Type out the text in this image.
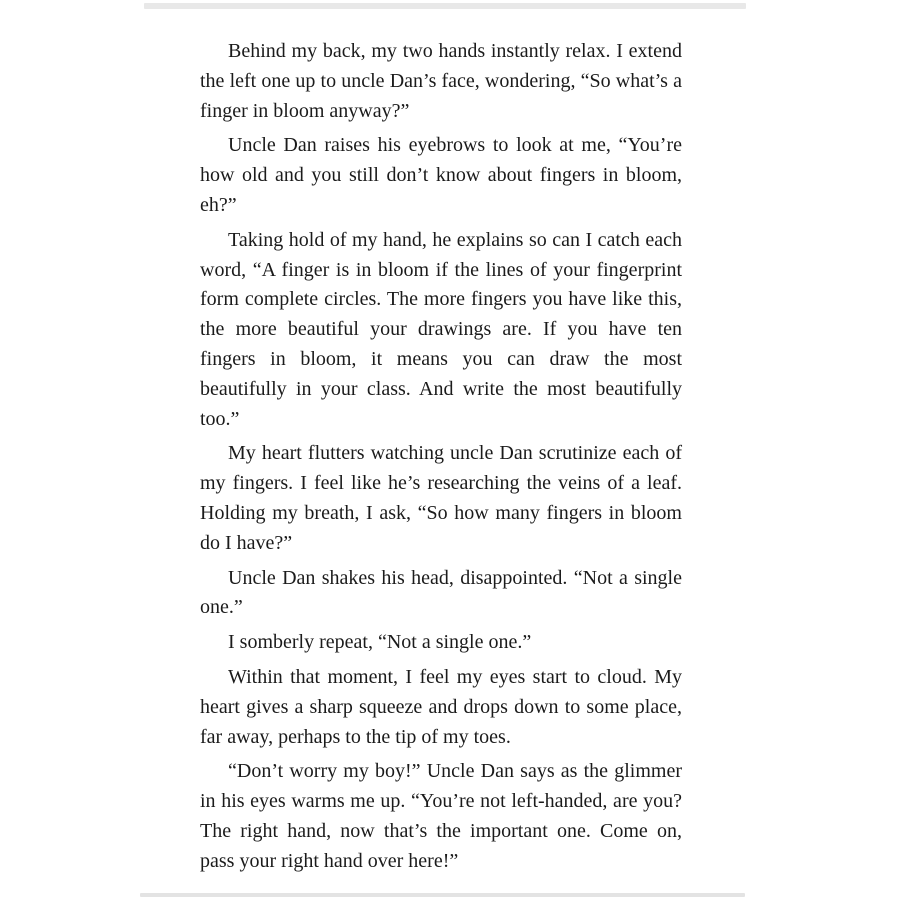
Behind my back, my two hands instantly relax. I extend the left one up to uncle Dan’s face, wondering, “So what’s a finger in bloom anyway?”

Uncle Dan raises his eyebrows to look at me, “You’re how old and you still don’t know about fingers in bloom, eh?”

Taking hold of my hand, he explains so can I catch each word, “A finger is in bloom if the lines of your fingerprint form complete circles. The more fingers you have like this, the more beautiful your drawings are. If you have ten fingers in bloom, it means you can draw the most beautifully in your class. And write the most beautifully too.”

My heart flutters watching uncle Dan scrutinize each of my fingers. I feel like he’s researching the veins of a leaf. Holding my breath, I ask, “So how many fingers in bloom do I have?”

Uncle Dan shakes his head, disappointed. “Not a single one.”

I somberly repeat, “Not a single one.”

Within that moment, I feel my eyes start to cloud. My heart gives a sharp squeeze and drops down to some place, far away, perhaps to the tip of my toes.

“Don’t worry my boy!” Uncle Dan says as the glimmer in his eyes warms me up. “You’re not left-handed, are you? The right hand, now that’s the important one. Come on, pass your right hand over here!”
